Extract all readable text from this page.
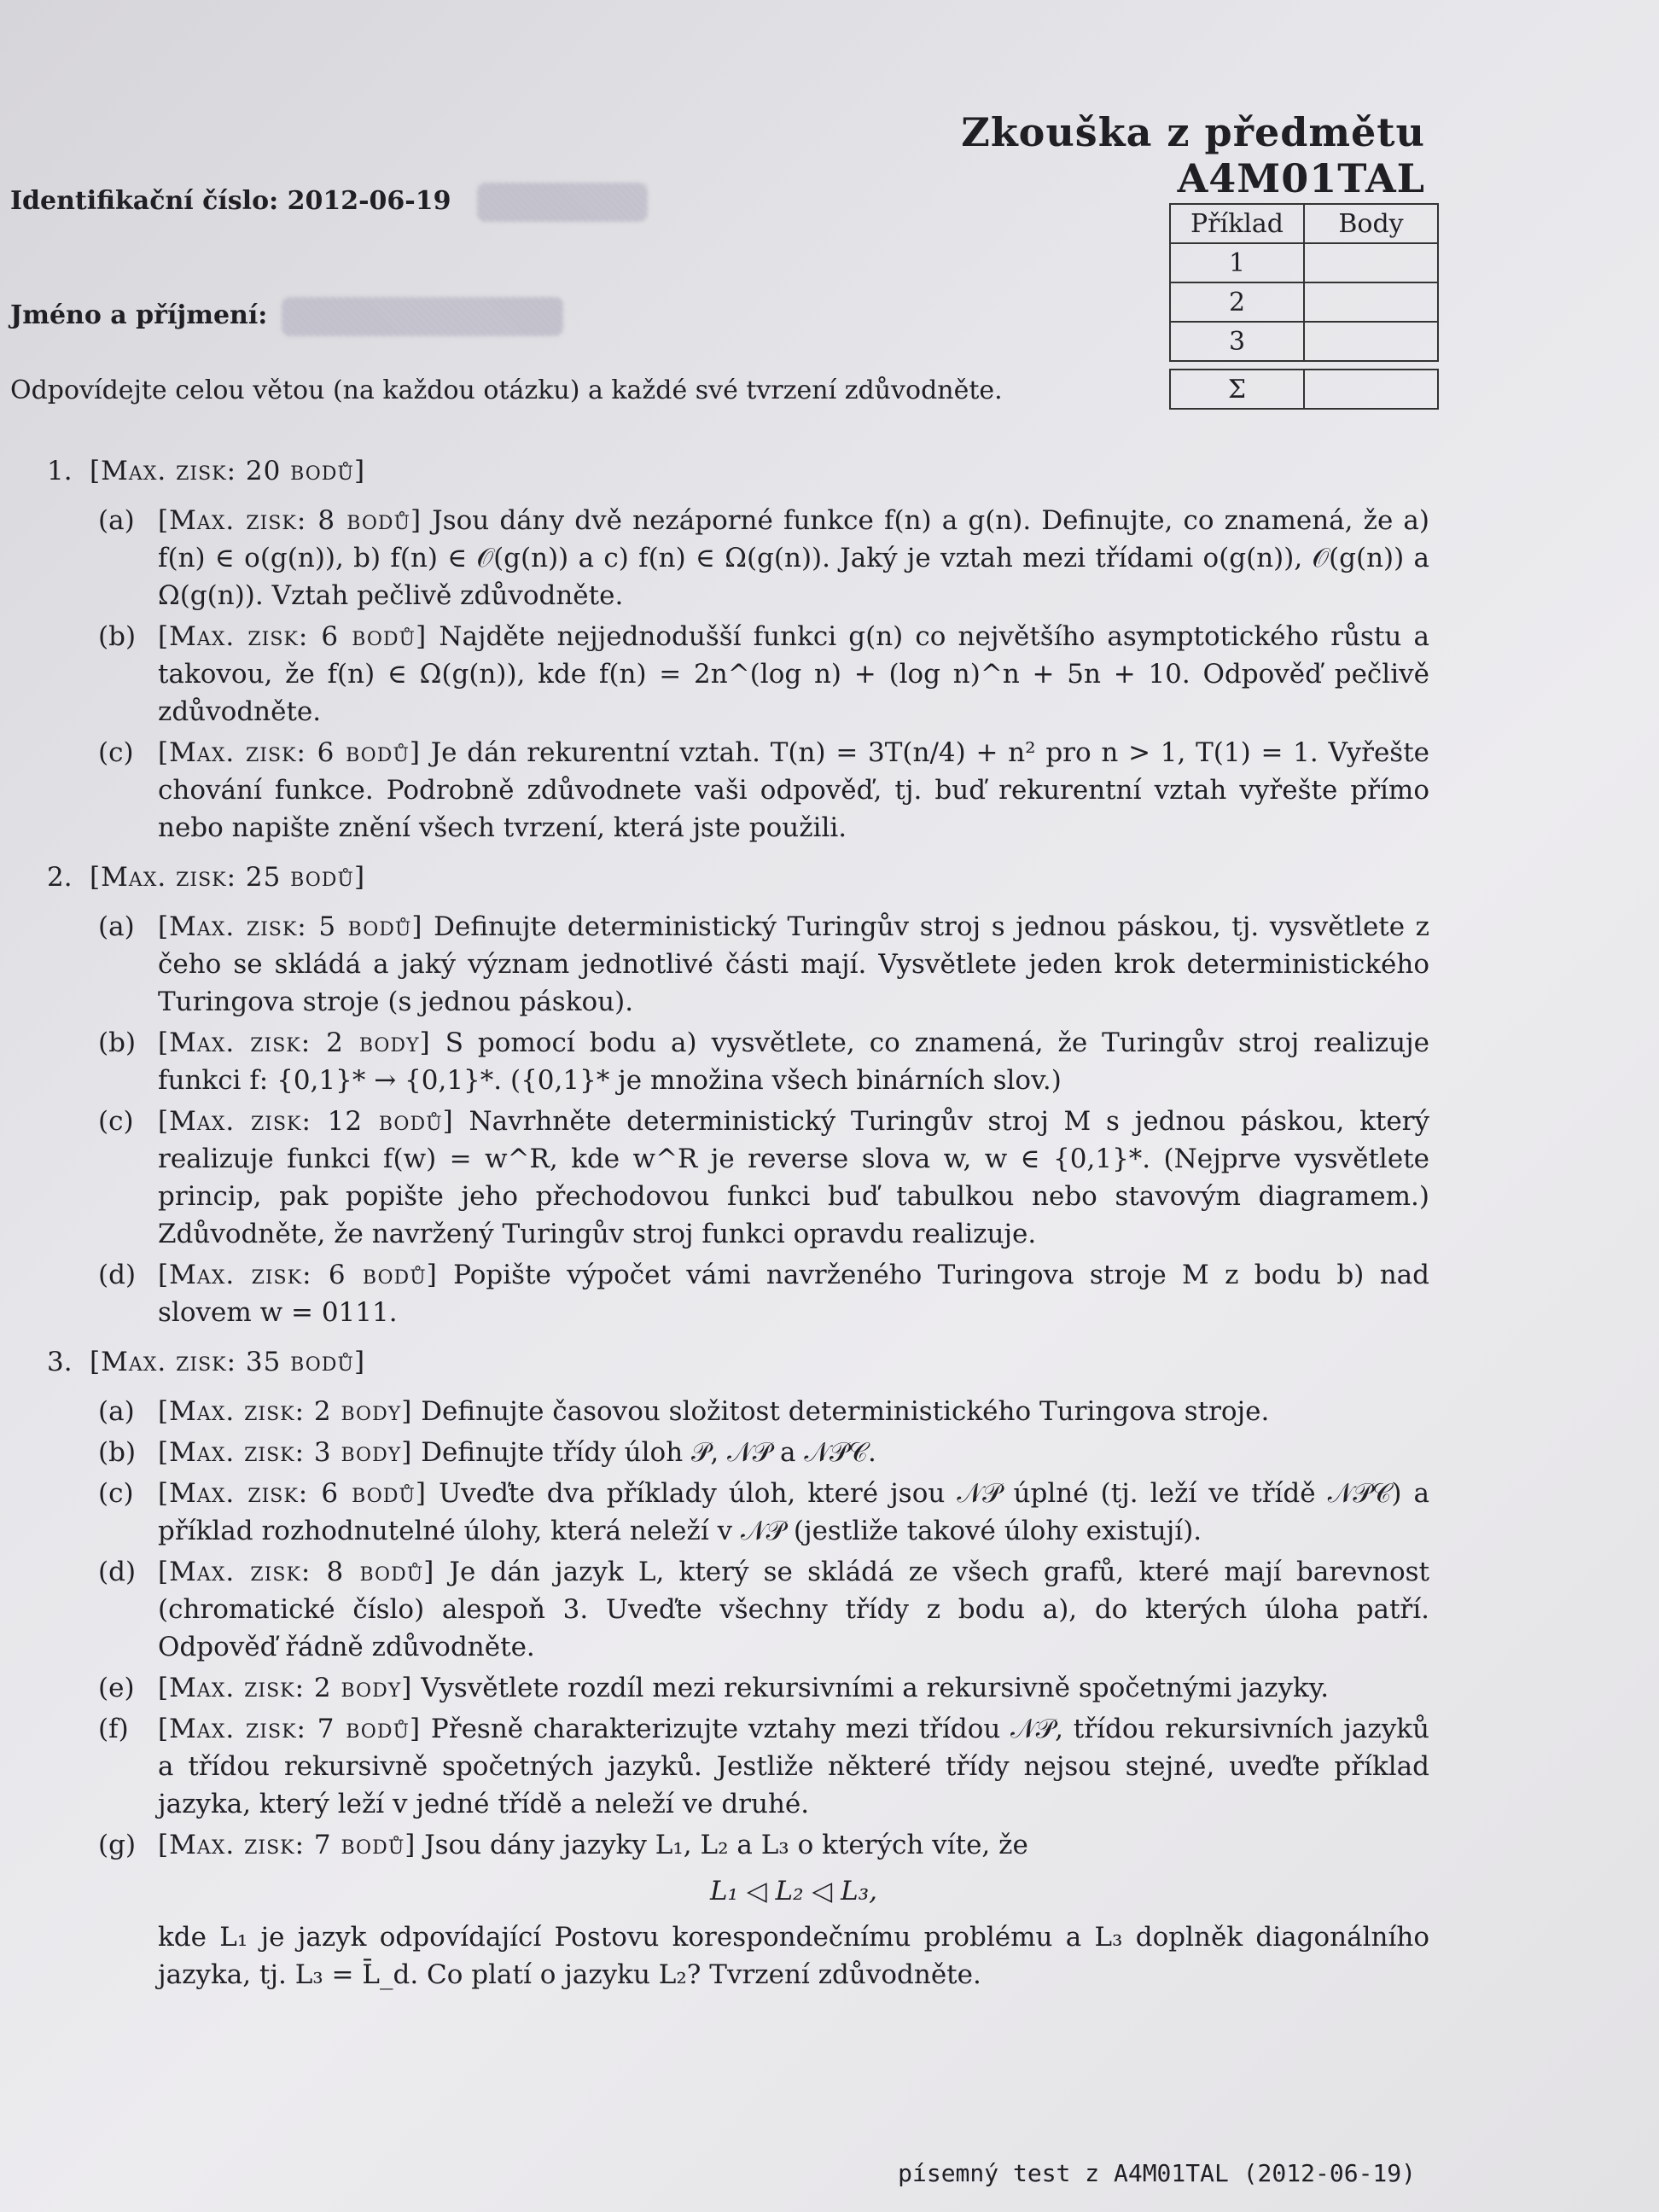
Zkouška z předmětu A4M01TAL
Identifikační číslo: 2012-06-19
Jméno a příjmení:
Odpovídejte celou větou (na každou otázku) a každé své tvrzení zdůvodněte.
Příklad	Body
1	
2	
3	

Σ	
1. [Max. zisk: 20 bodů]
(a) [Max. zisk: 8 bodů] Jsou dány dvě nezáporné funkce f(n) a g(n). Definujte, co znamená, že a) f(n) ∈ o(g(n)), b) f(n) ∈ 𝒪(g(n)) a c) f(n) ∈ Ω(g(n)). Jaký je vztah mezi třídami o(g(n)), 𝒪(g(n)) a Ω(g(n)). Vztah pečlivě zdůvodněte.
(b) [Max. zisk: 6 bodů] Najděte nejjednodušší funkci g(n) co největšího asymptotického růstu a takovou, že f(n) ∈ Ω(g(n)), kde f(n) = 2n^(log n) + (log n)^n + 5n + 10. Odpověď pečlivě zdůvodněte.
(c) [Max. zisk: 6 bodů] Je dán rekurentní vztah. T(n) = 3T(n/4) + n² pro n > 1, T(1) = 1. Vyřešte chování funkce. Podrobně zdůvodnete vaši odpověď, tj. buď rekurentní vztah vyřešte přímo nebo napište znění všech tvrzení, která jste použili.
2. [Max. zisk: 25 bodů]
(a) [Max. zisk: 5 bodů] Definujte deterministický Turingův stroj s jednou páskou, tj. vysvětlete z čeho se skládá a jaký význam jednotlivé části mají. Vysvětlete jeden krok deterministického Turingova stroje (s jednou páskou).
(b) [Max. zisk: 2 body] S pomocí bodu a) vysvětlete, co znamená, že Turingův stroj realizuje funkci f: {0,1}* → {0,1}*. ({0,1}* je množina všech binárních slov.)
(c) [Max. zisk: 12 bodů] Navrhněte deterministický Turingův stroj M s jednou páskou, který realizuje funkci f(w) = w^R, kde w^R je reverse slova w, w ∈ {0,1}*. (Nejprve vysvětlete princip, pak popište jeho přechodovou funkci buď tabulkou nebo stavovým diagramem.) Zdůvodněte, že navržený Turingův stroj funkci opravdu realizuje.
(d) [Max. zisk: 6 bodů] Popište výpočet vámi navrženého Turingova stroje M z bodu b) nad slovem w = 0111.
3. [Max. zisk: 35 bodů]
(a) [Max. zisk: 2 body] Definujte časovou složitost deterministického Turingova stroje.
(b) [Max. zisk: 3 body] Definujte třídy úloh 𝒫, 𝒩𝒫 a 𝒩𝒫𝒞.
(c) [Max. zisk: 6 bodů] Uveďte dva příklady úloh, které jsou 𝒩𝒫 úplné (tj. leží ve třídě 𝒩𝒫𝒞) a příklad rozhodnutelné úlohy, která neleží v 𝒩𝒫 (jestliže takové úlohy existují).
(d) [Max. zisk: 8 bodů] Je dán jazyk L, který se skládá ze všech grafů, které mají barevnost (chromatické číslo) alespoň 3. Uveďte všechny třídy z bodu a), do kterých úloha patří. Odpověď řádně zdůvodněte.
(e) [Max. zisk: 2 body] Vysvětlete rozdíl mezi rekursivními a rekursivně spočetnými jazyky.
(f)	[Max. zisk: 7 bodů] Přesně charakterizujte vztahy mezi třídou 𝒩𝒫, třídou rekursivních jazyků a třídou rekursivně spočetných jazyků. Jestliže některé třídy nejsou stejné, uveďte příklad jazyka, který leží v jedné třídě a neleží ve druhé.
(g) [Max. zisk: 7 bodů] Jsou dány jazyky L₁, L₂ a L₃ o kterých víte, že
L₁ ◁ L₂ ◁ L₃,
kde L₁ je jazyk odpovídající Postovu korespondečnímu problému a L₃ doplněk diagonálního jazyka, tj. L₃ = L̄_d. Co platí o jazyku L₂? Tvrzení zdůvodněte.
písemný test z A4M01TAL (2012-06-19)
